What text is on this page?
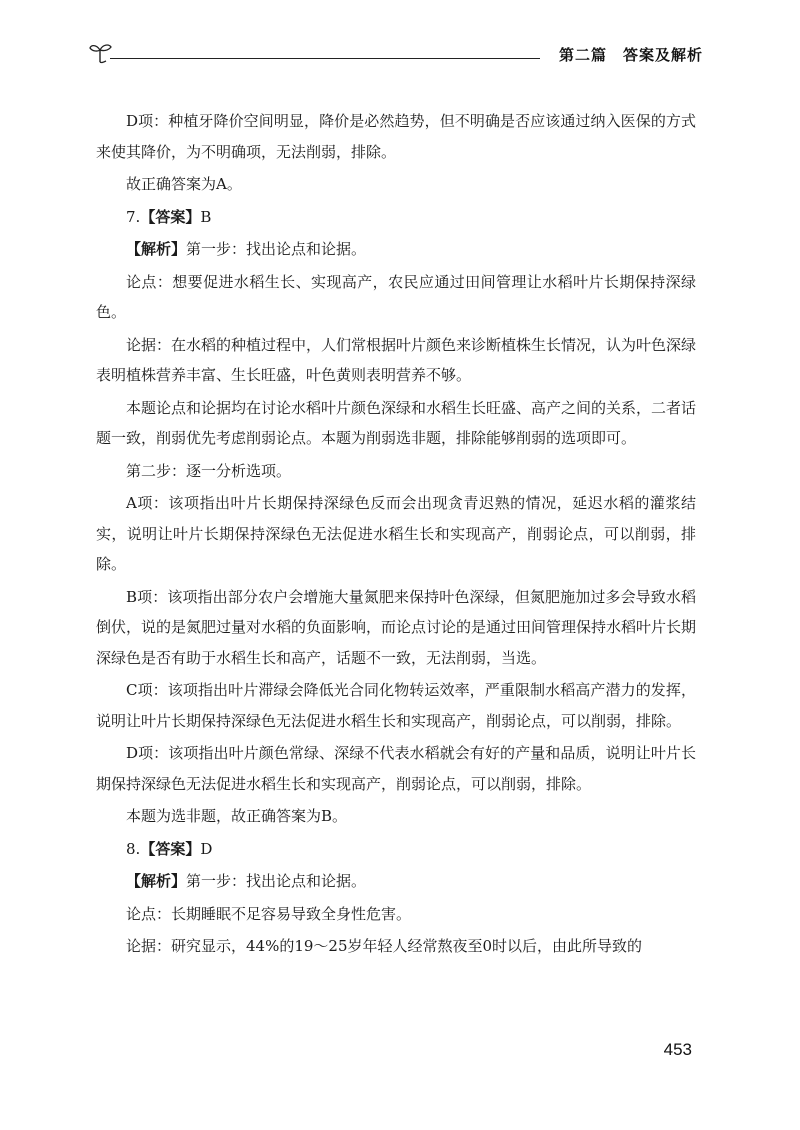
第二篇　答案及解析

D项：种植牙降价空间明显，降价是必然趋势，但不明确是否应该通过纳入医保的方式来使其降价，为不明确项，无法削弱，排除。

故正确答案为A。

7.【答案】B

【解析】第一步：找出论点和论据。

论点：想要促进水稻生长、实现高产，农民应通过田间管理让水稻叶片长期保持深绿色。

论据：在水稻的种植过程中，人们常根据叶片颜色来诊断植株生长情况，认为叶色深绿表明植株营养丰富、生长旺盛，叶色黄则表明营养不够。

本题论点和论据均在讨论水稻叶片颜色深绿和水稻生长旺盛、高产之间的关系，二者话题一致，削弱优先考虑削弱论点。本题为削弱选非题，排除能够削弱的选项即可。

第二步：逐一分析选项。

A项：该项指出叶片长期保持深绿色反而会出现贪青迟熟的情况，延迟水稻的灌浆结实，说明让叶片长期保持深绿色无法促进水稻生长和实现高产，削弱论点，可以削弱，排除。

B项：该项指出部分农户会增施大量氮肥来保持叶色深绿，但氮肥施加过多会导致水稻倒伏，说的是氮肥过量对水稻的负面影响，而论点讨论的是通过田间管理保持水稻叶片长期深绿色是否有助于水稻生长和高产，话题不一致，无法削弱，当选。

C项：该项指出叶片滞绿会降低光合同化物转运效率，严重限制水稻高产潜力的发挥，说明让叶片长期保持深绿色无法促进水稻生长和实现高产，削弱论点，可以削弱，排除。

D项：该项指出叶片颜色常绿、深绿不代表水稻就会有好的产量和品质，说明让叶片长期保持深绿色无法促进水稻生长和实现高产，削弱论点，可以削弱，排除。

本题为选非题，故正确答案为B。

8.【答案】D

【解析】第一步：找出论点和论据。

论点：长期睡眠不足容易导致全身性危害。

论据：研究显示，44%的19～25岁年轻人经常熬夜至0时以后，由此所导致的

453
